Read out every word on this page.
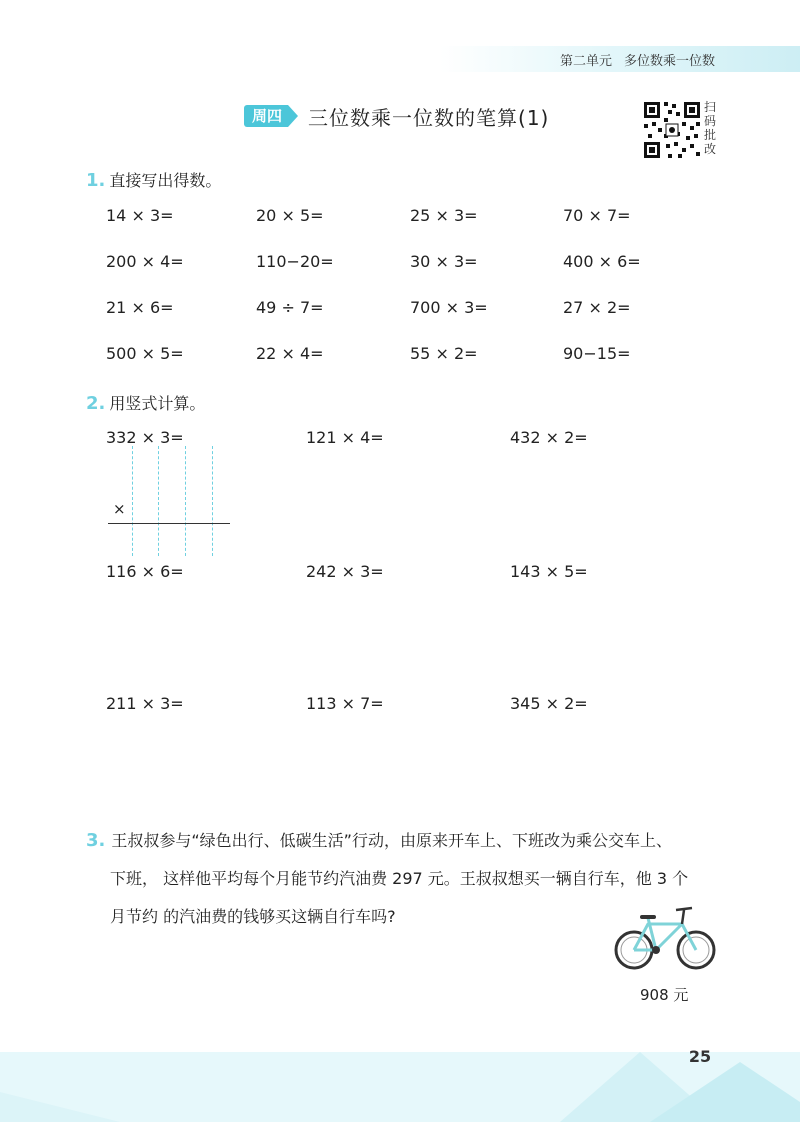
第二单元 多位数乘一位数
周四	三位数乘一位数的笔算(1)	扫码批改
1. 直接写出得数。
14 × 3=	20 × 5=	25 × 3=	70 × 7=
200 × 4=	110−20=	30 × 3=	400 × 6=
21 × 6=	49 ÷ 7=	700 × 3=	27 × 2=
500 × 5=	22 × 4=	55 × 2=	90−15=
2. 用竖式计算。
332 × 3=	121 × 4=	432 × 2=
×
116 × 6=	242 × 3=	143 × 5=
211 × 3=	113 × 7=	345 × 2=
3. 王叔叔参与“绿色出行、低碳生活”行动，由原来开车上、下班改为乘公交车上、
下班， 这样他平均每个月能节约汽油费 297 元。王叔叔想买一辆自行车，他 3 个
月节约 的汽油费的钱够买这辆自行车吗?
908 元
25
